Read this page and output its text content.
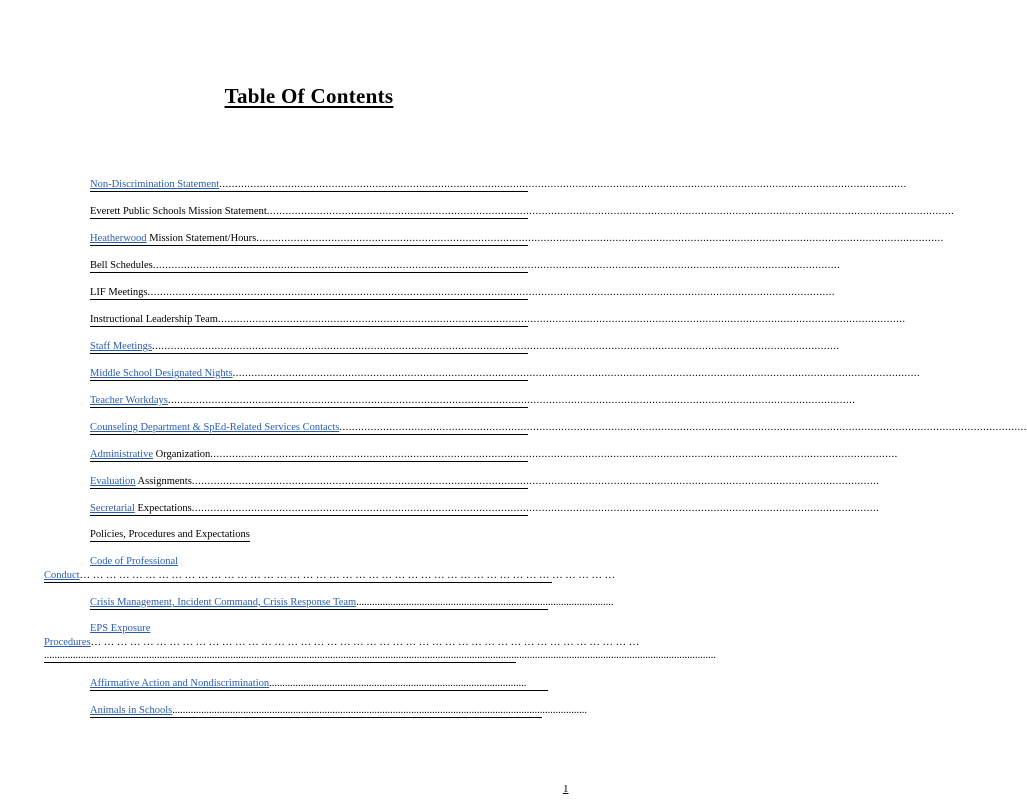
Table Of Contents
Non-Discrimination Statement............................................................................................................................................................................................................................
Everett Public Schools Mission Statement............................................................................................................................................................................................................................
Heatherwood Mission Statement/Hours............................................................................................................................................................................................................................
Bell Schedules............................................................................................................................................................................................................................
LIF Meetings............................................................................................................................................................................................................................
Instructional Leadership Team............................................................................................................................................................................................................................
Staff Meetings............................................................................................................................................................................................................................
Middle School Designated Nights............................................................................................................................................................................................................................
Teacher Workdays............................................................................................................................................................................................................................
Counseling Department & SpEd-Related Services Contacts............................................................................................................................................................................................................................
Administrative Organization............................................................................................................................................................................................................................
Evaluation Assignments............................................................................................................................................................................................................................
Secretarial Expectations............................................................................................................................................................................................................................
Policies, Procedures and Expectations
Code of Professional
Conduct… … … … … … … … … … … … … … … … … … … … … … … … … … … … … … … … … … … … … … … … …
Crisis Management, Incident Command, Crisis Response Team..................................................................................................
EPS Exposure
Procedures… … … … … … … … … … … … … … … … … … … … … … … … … … … … … … … … … … … … … … … … … …
................................................................................................................................................................................................................................................................
Affirmative Action and Nondiscrimination..................................................................................................
Animals in Schools..............................................................................................................................................................
1
